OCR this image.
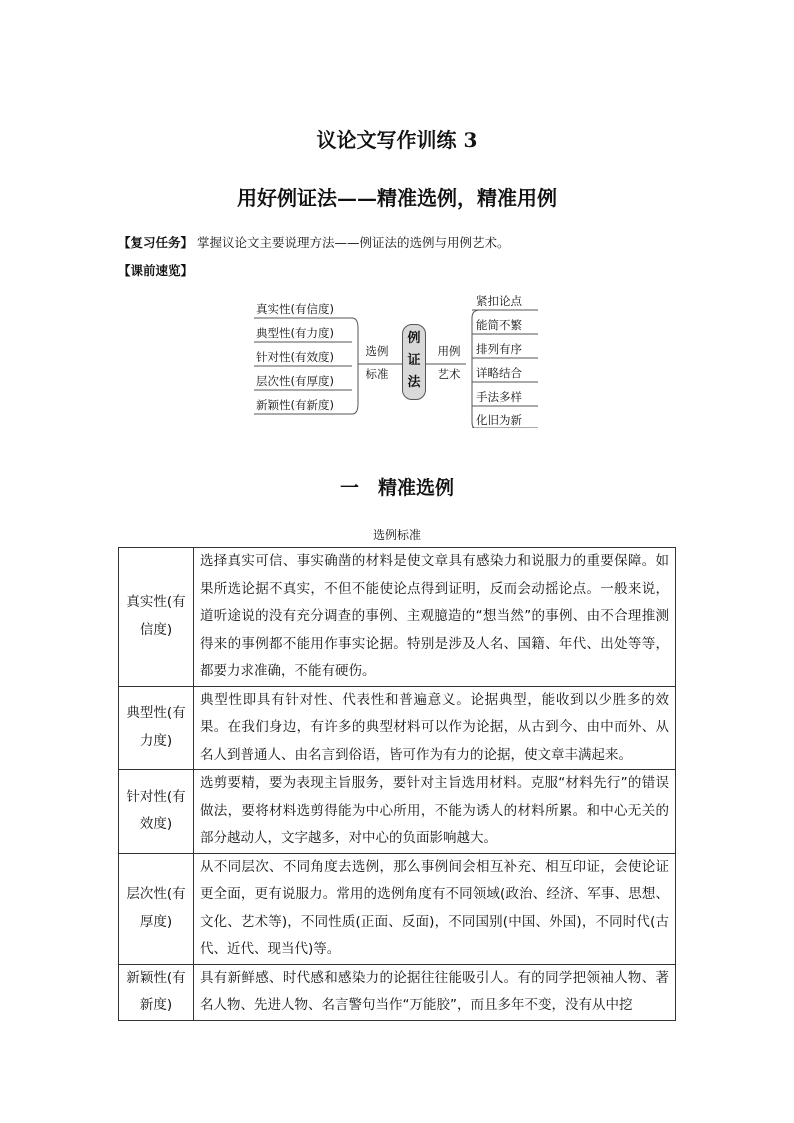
议论文写作训练 3
用好例证法——精准选例，精准用例
【复习任务】 掌握议论文主要说理方法——例证法的选例与用例艺术。
【课前速览】
真实性(有信度)
典型性(有力度)
针对性(有效度)
层次性(有厚度)
新颖性(有新度)
选例
标准
例
证
法
用例
艺术
紧扣论点
能简不繁
排列有序
详略结合
手法多样
化旧为新
一　精准选例
选例标准
真实性(有信度)	选择真实可信、事实确凿的材料是使文章具有感染力和说服力的重要保障。如果所选论据不真实，不但不能使论点得到证明，反而会动摇论点。一般来说，道听途说的没有充分调查的事例、主观臆造的“想当然”的事例、由不合理推测得来的事例都不能用作事实论据。特别是涉及人名、国籍、年代、出处等等，都要力求准确，不能有硬伤。
典型性(有力度)	典型性即具有针对性、代表性和普遍意义。论据典型，能收到以少胜多的效果。在我们身边，有许多的典型材料可以作为论据，从古到今、由中而外、从名人到普通人、由名言到俗语，皆可作为有力的论据，使文章丰满起来。
针对性(有效度)	选剪要精，要为表现主旨服务，要针对主旨选用材料。克服“材料先行”的错误做法，要将材料选剪得能为中心所用，不能为诱人的材料所累。和中心无关的部分越动人，文字越多，对中心的负面影响越大。
层次性(有厚度)	从不同层次、不同角度去选例，那么事例间会相互补充、相互印证，会使论证更全面，更有说服力。常用的选例角度有不同领域(政治、经济、军事、思想、文化、艺术等)，不同性质(正面、反面)，不同国别(中国、外国)，不同时代(古代、近代、现当代)等。
新颖性(有新度)	具有新鲜感、时代感和感染力的论据往往能吸引人。有的同学把领袖人物、著名人物、先进人物、名言警句当作“万能胶”，而且多年不变，没有从中挖
